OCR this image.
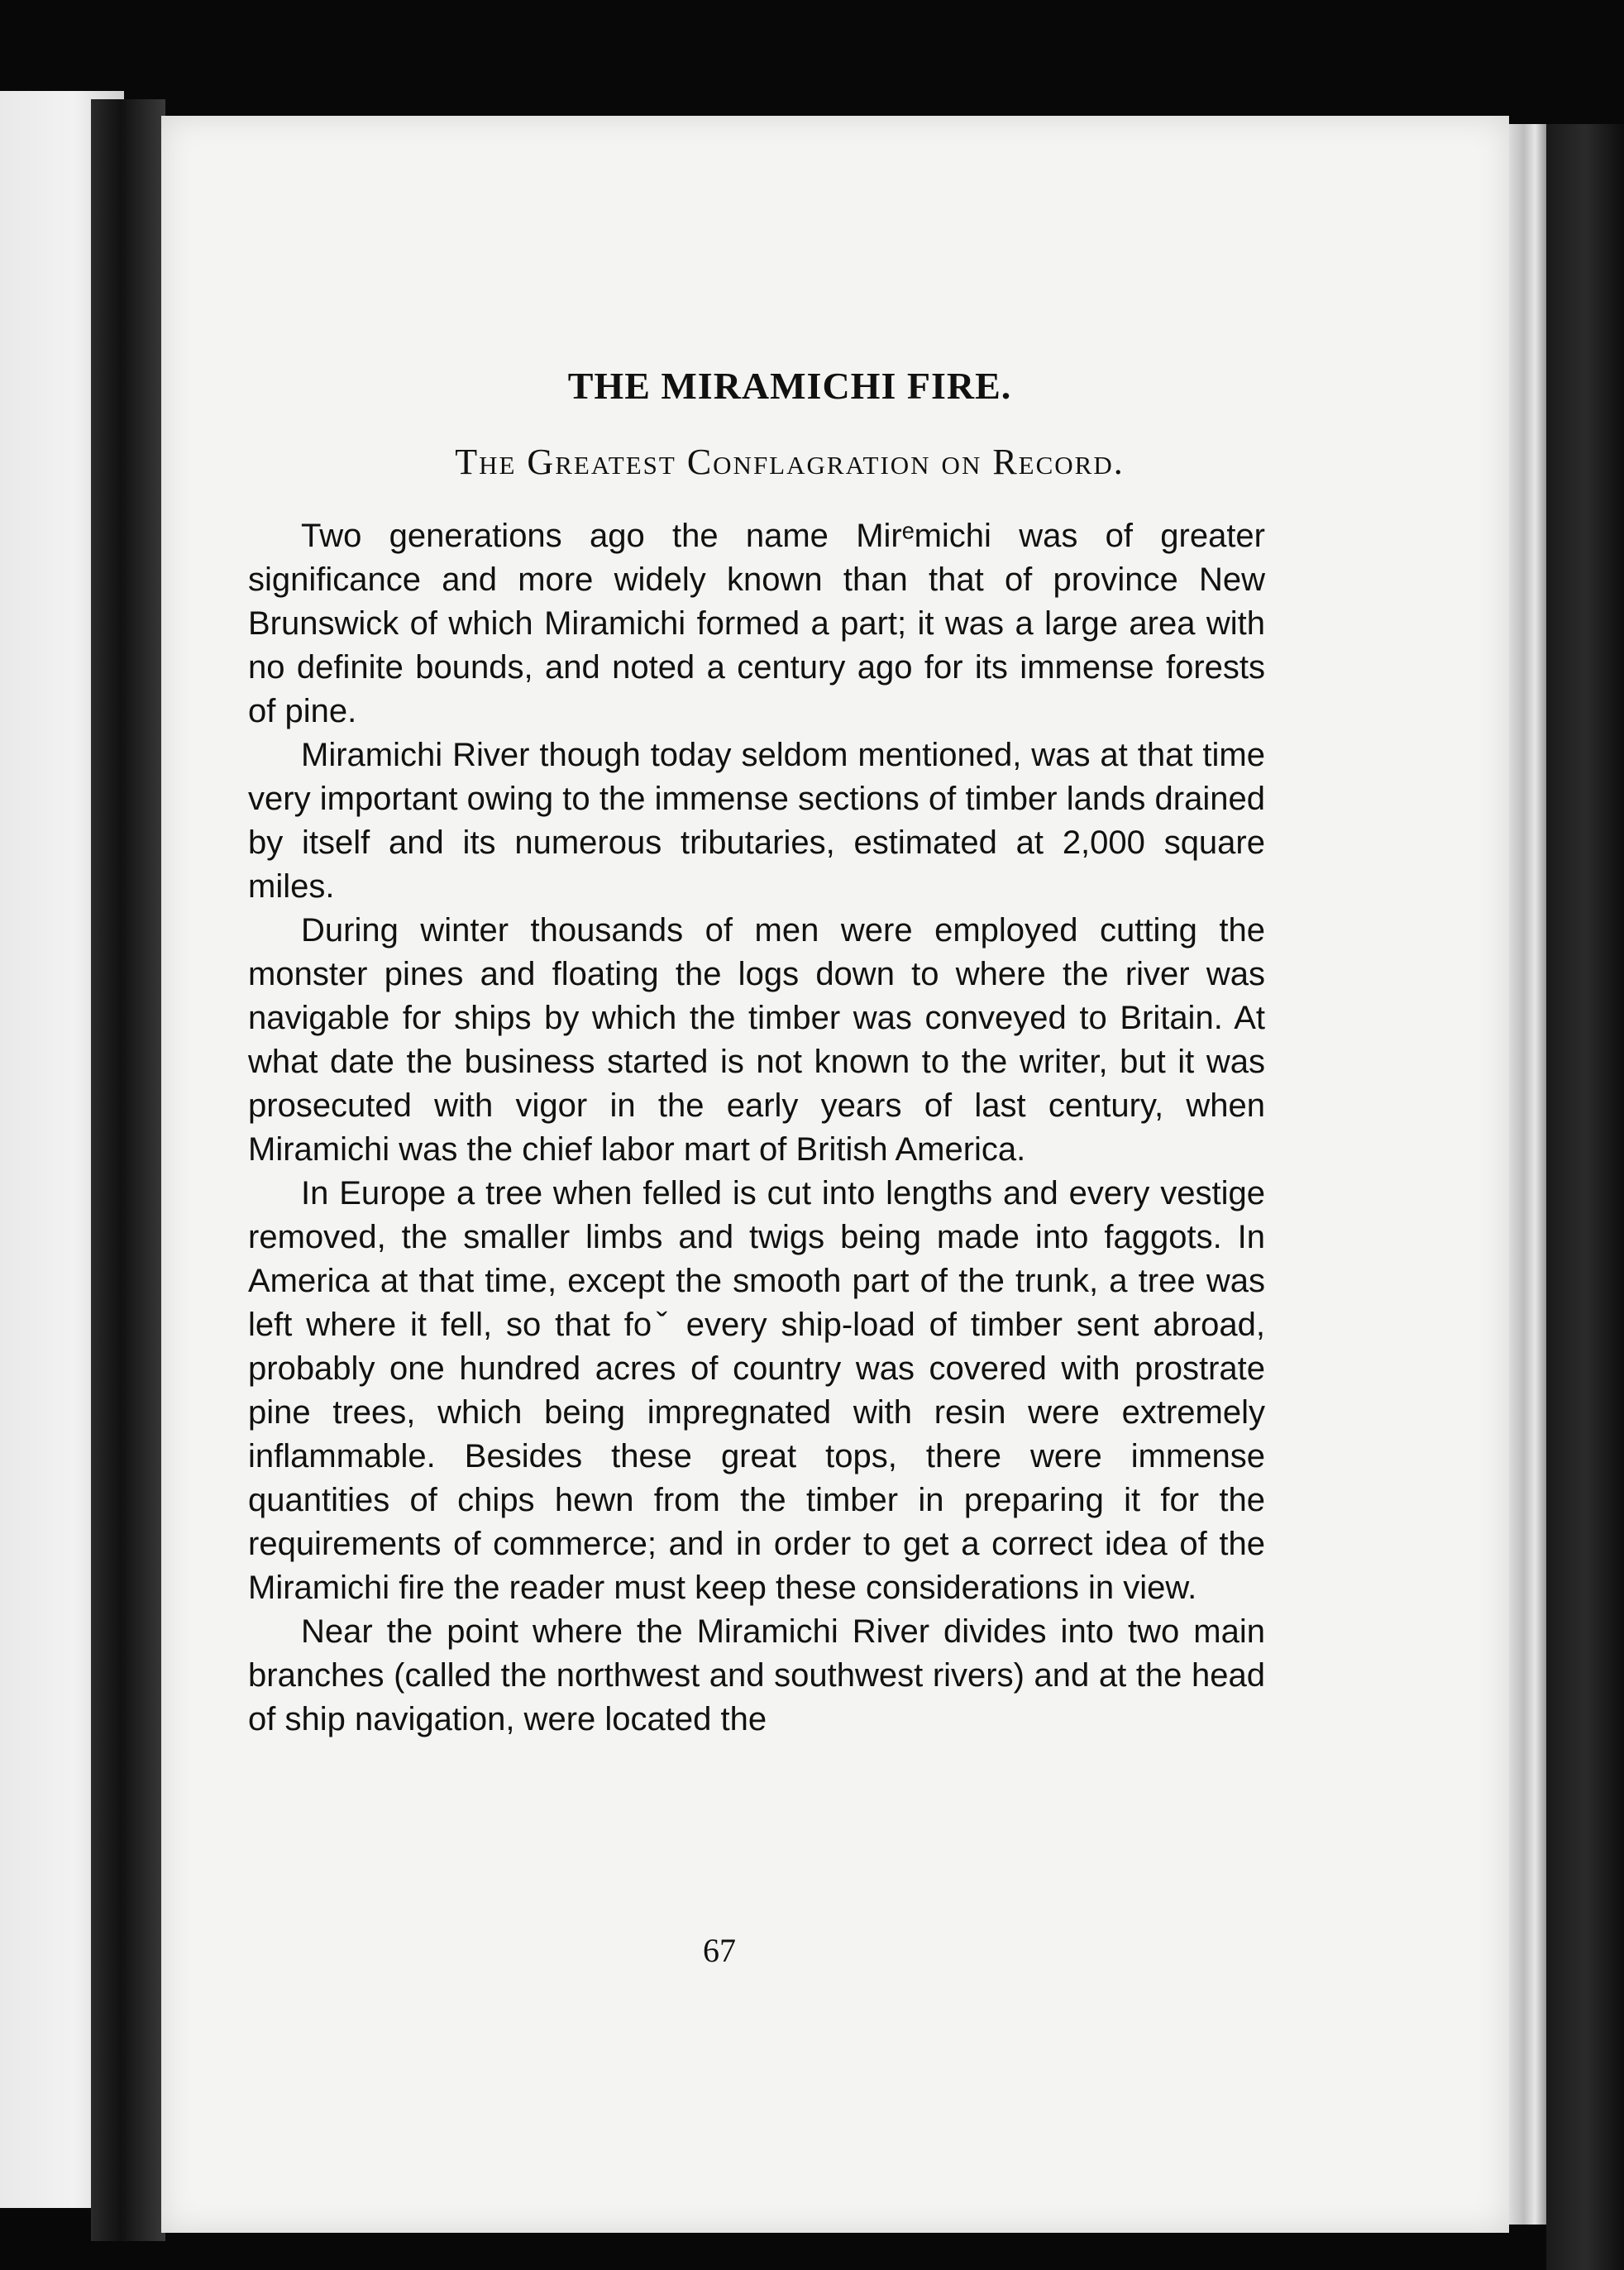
THE MIRAMICHI FIRE.
The Greatest Conflagration on Record.

Two generations ago the name Mirᵉmichi was of greater significance and more widely known than that of province New Brunswick of which Miramichi formed a part; it was a large area with no definite bounds, and noted a century ago for its immense forests of pine.

Miramichi River though today seldom mentioned, was at that time very important owing to the immense sections of timber lands drained by itself and its numerous tributaries, estimated at 2,000 square miles.

During winter thousands of men were employed cutting the monster pines and floating the logs down to where the river was navigable for ships by which the timber was conveyed to Britain. At what date the business started is not known to the writer, but it was prosecuted with vigor in the early years of last century, when Miramichi was the chief labor mart of British America.

In Europe a tree when felled is cut into lengths and every vestige removed, the smaller limbs and twigs being made into faggots. In America at that time, except the smooth part of the trunk, a tree was left where it fell, so that foˇ every ship-load of timber sent abroad, probably one hundred acres of country was covered with prostrate pine trees, which being impregnated with resin were extremely inflammable. Besides these great tops, there were immense quantities of chips hewn from the timber in preparing it for the requirements of commerce; and in order to get a correct idea of the Miramichi fire the reader must keep these considerations in view.

Near the point where the Miramichi River divides into two main branches (called the northwest and southwest rivers) and at the head of ship navigation, were located the

67
